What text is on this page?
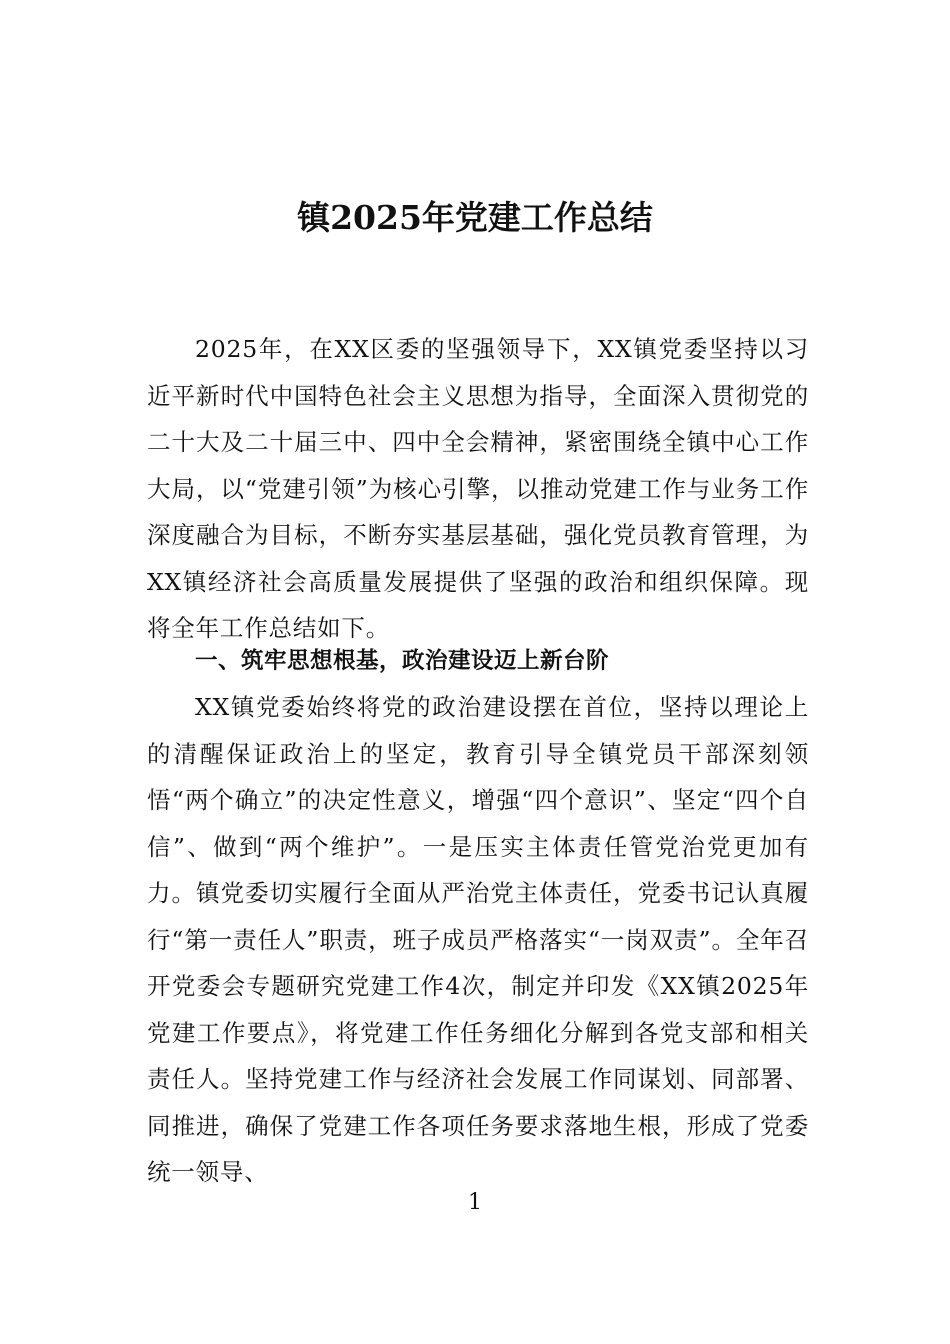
镇2025年党建工作总结
2025年，在XX区委的坚强领导下，XX镇党委坚持以习近平新时代中国特色社会主义思想为指导，全面深入贯彻党的二十大及二十届三中、四中全会精神，紧密围绕全镇中心工作大局，以“党建引领”为核心引擎，以推动党建工作与业务工作深度融合为目标，不断夯实基层基础，强化党员教育管理，为XX镇经济社会高质量发展提供了坚强的政治和组织保障。现将全年工作总结如下。
一、筑牢思想根基，政治建设迈上新台阶
XX镇党委始终将党的政治建设摆在首位，坚持以理论上的清醒保证政治上的坚定，教育引导全镇党员干部深刻领悟“两个确立”的决定性意义，增强“四个意识”、坚定“四个自信”、做到“两个维护”。一是压实主体责任管党治党更加有力。镇党委切实履行全面从严治党主体责任，党委书记认真履行“第一责任人”职责，班子成员严格落实“一岗双责”。全年召开党委会专题研究党建工作4次，制定并印发《XX镇2025年党建工作要点》，将党建工作任务细化分解到各党支部和相关责任人。坚持党建工作与经济社会发展工作同谋划、同部署、同推进，确保了党建工作各项任务要求落地生根，形成了党委统一领导、
1
